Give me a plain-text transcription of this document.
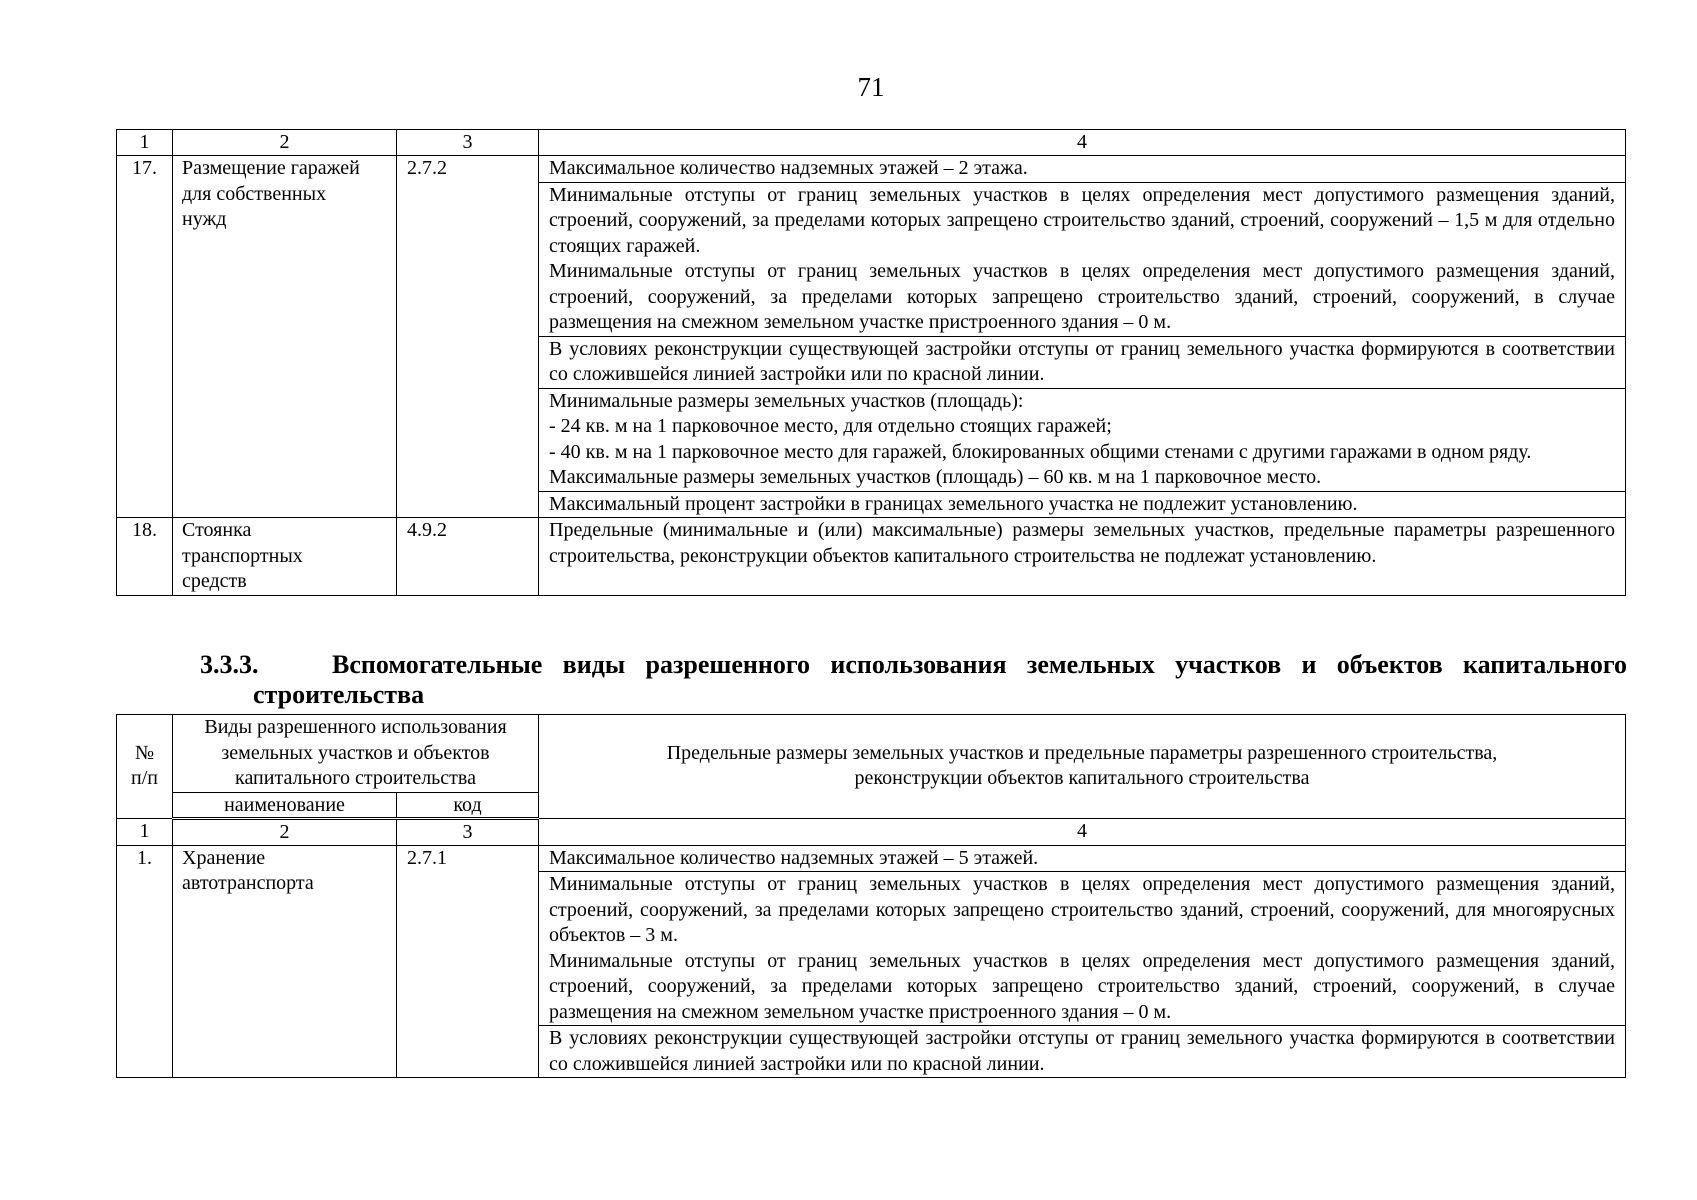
71
1	2	3	4
17.	Размещение гаражей
для собственных
нужд	2.7.2	Максимальное количество надземных этажей – 2 этажа.

			Минимальные отступы от границ земельных участков в целях определения мест допустимого размещения зданий, строений, сооружений, за пределами которых запрещено строительство зданий, строений, сооружений – 1,5 м для отдельно стоящих гаражей.
Минимальные отступы от границ земельных участков в целях определения мест допустимого размещения зданий, строений, сооружений, за пределами которых запрещено строительство зданий, строений, сооружений, в случае размещения на смежном земельном участке пристроенного здания – 0 м.

			В условиях реконструкции существующей застройки отступы от границ земельного участка формируются в соответствии со сложившейся линией застройки или по красной линии.

			Минимальные размеры земельных участков (площадь):
- 24 кв. м на 1 парковочное место, для отдельно стоящих гаражей;
- 40 кв. м на 1 парковочное место для гаражей, блокированных общими стенами с другими гаражами в одном ряду.
Максимальные размеры земельных участков (площадь) – 60 кв. м на 1 парковочное место.

			Максимальный процент застройки в границах земельного участка не подлежит установлению.
18.	Стоянка
транспортных
средств	4.9.2	Предельные (минимальные и (или) максимальные) размеры земельных участков, предельные параметры разрешенного строительства, реконструкции объектов капитального строительства не подлежат установлению.
3.3.3.	Вспомогательные виды разрешенного использования земельных участков и объектов капитального
строительства
№
п/п	Виды разрешенного использования
земельных участков и объектов
капитального строительства		Предельные размеры земельных участков и предельные параметры разрешенного строительства,
реконструкции объектов капитального строительства

	наименование	код	
1	2	3	4
1.	Хранение
автотранспорта	2.7.1	Максимальное количество надземных этажей – 5 этажей.

			Минимальные отступы от границ земельных участков в целях определения мест допустимого размещения зданий, строений, сооружений, за пределами которых запрещено строительство зданий, строений, сооружений, для многоярусных объектов – 3 м.
Минимальные отступы от границ земельных участков в целях определения мест допустимого размещения зданий, строений, сооружений, за пределами которых запрещено строительство зданий, строений, сооружений, в случае размещения на смежном земельном участке пристроенного здания – 0 м.

			В условиях реконструкции существующей застройки отступы от границ земельного участка формируются в соответствии со сложившейся линией застройки или по красной линии.
